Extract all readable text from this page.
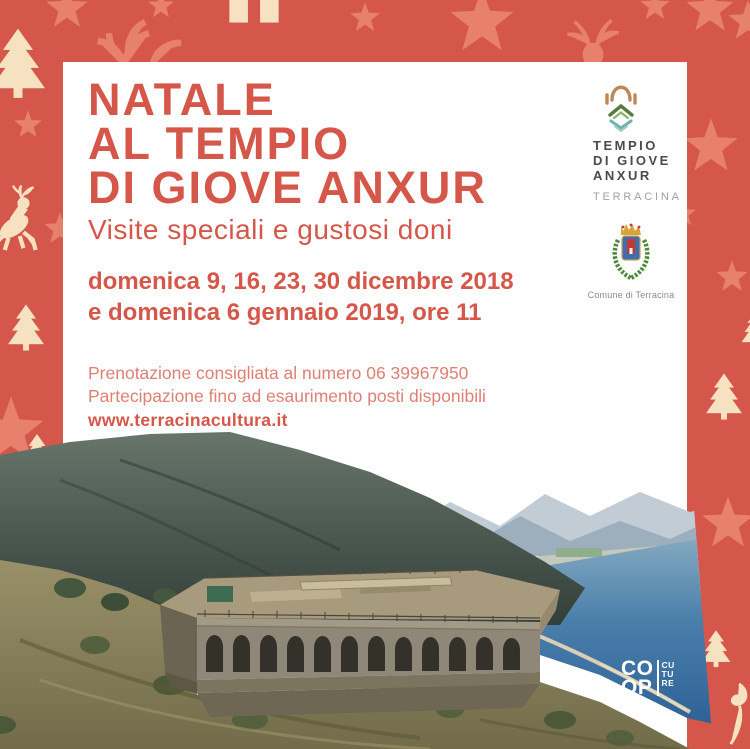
NATALE
AL TEMPIO
DI GIOVE ANXUR
Visite speciali e gustosi doni
domenica 9, 16, 23, 30 dicembre 2018
e domenica 6 gennaio 2019, ore 11
Prenotazione consigliata al numero 06 39967950
Partecipazione fino ad esaurimento posti disponibili
www.terracinacultura.it
TEMPIO
DI GIOVE
ANXUR
TERRACINA
Comune di Terracina
CO
OP
CU
TU
RE
